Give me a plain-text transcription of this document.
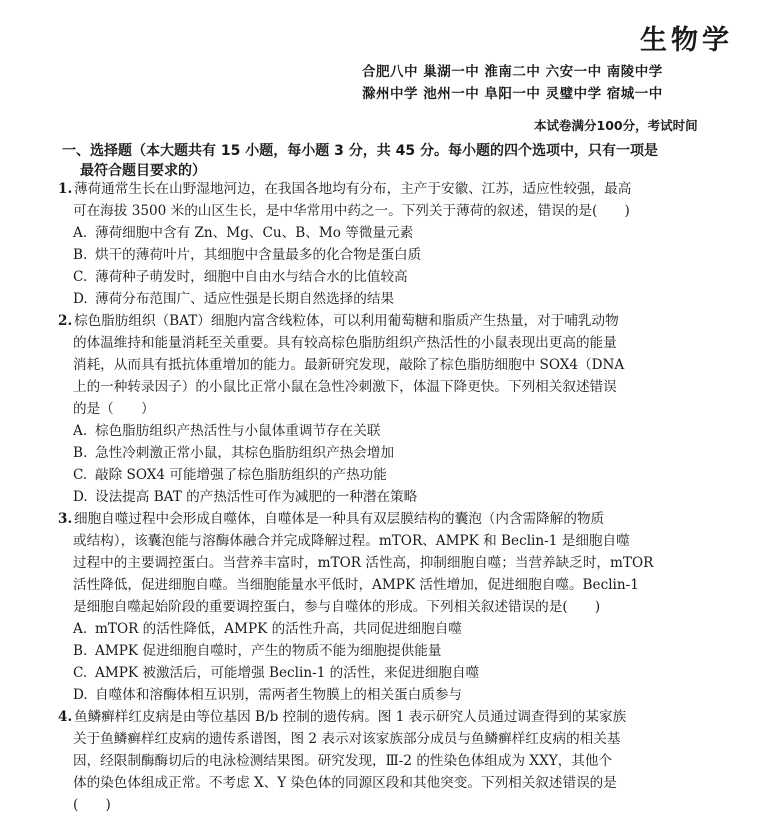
生物学
合肥八中 巢湖一中 淮南二中 六安一中 南陵中学
滁州中学 池州一中 阜阳一中 灵璧中学 宿城一中
本试卷满分100分，考试时间
一、选择题（本大题共有 15 小题，每小题 3 分，共 45 分。每小题的四个选项中，只有一项是
最符合题目要求的）
1. 薄荷通常生长在山野湿地河边，在我国各地均有分布，主产于安徽、江苏，适应性较强，最高
可在海拔 3500 米的山区生长，是中华常用中药之一。下列关于薄荷的叙述，错误的是(　　)
A. 薄荷细胞中含有 Zn、Mg、Cu、B、Mo 等微量元素
B. 烘干的薄荷叶片，其细胞中含量最多的化合物是蛋白质
C. 薄荷种子萌发时，细胞中自由水与结合水的比值较高
D. 薄荷分布范围广、适应性强是长期自然选择的结果
2. 棕色脂肪组织（BAT）细胞内富含线粒体，可以利用葡萄糖和脂质产生热量，对于哺乳动物
的体温维持和能量消耗至关重要。具有较高棕色脂肪组织产热活性的小鼠表现出更高的能量
消耗，从而具有抵抗体重增加的能力。最新研究发现，敲除了棕色脂肪细胞中 SOX4（DNA
上的一种转录因子）的小鼠比正常小鼠在急性冷刺激下，体温下降更快。下列相关叙述错误
的是（　　）
A. 棕色脂肪组织产热活性与小鼠体重调节存在关联
B. 急性冷刺激正常小鼠，其棕色脂肪组织产热会增加
C. 敲除 SOX4 可能增强了棕色脂肪组织的产热功能
D. 设法提高 BAT 的产热活性可作为减肥的一种潜在策略
3. 细胞自噬过程中会形成自噬体，自噬体是一种具有双层膜结构的囊泡（内含需降解的物质
或结构），该囊泡能与溶酶体融合并完成降解过程。mTOR、AMPK 和 Beclin-1 是细胞自噬
过程中的主要调控蛋白。当营养丰富时，mTOR 活性高，抑制细胞自噬；当营养缺乏时，mTOR
活性降低，促进细胞自噬。当细胞能量水平低时，AMPK 活性增加，促进细胞自噬。Beclin-1
是细胞自噬起始阶段的重要调控蛋白，参与自噬体的形成。下列相关叙述错误的是(　　)
A. mTOR 的活性降低，AMPK 的活性升高，共同促进细胞自噬
B. AMPK 促进细胞自噬时，产生的物质不能为细胞提供能量
C. AMPK 被激活后，可能增强 Beclin-1 的活性，来促进细胞自噬
D. 自噬体和溶酶体相互识别，需两者生物膜上的相关蛋白质参与
4. 鱼鳞癣样红皮病是由等位基因 B/b 控制的遗传病。图 1 表示研究人员通过调查得到的某家族
关于鱼鳞癣样红皮病的遗传系谱图，图 2 表示对该家族部分成员与鱼鳞癣样红皮病的相关基
因，经限制酶酶切后的电泳检测结果图。研究发现，Ⅲ-2 的性染色体组成为 XXY，其他个
体的染色体组成正常。不考虑 X、Y 染色体的同源区段和其他突变。下列相关叙述错误的是
(　　)
